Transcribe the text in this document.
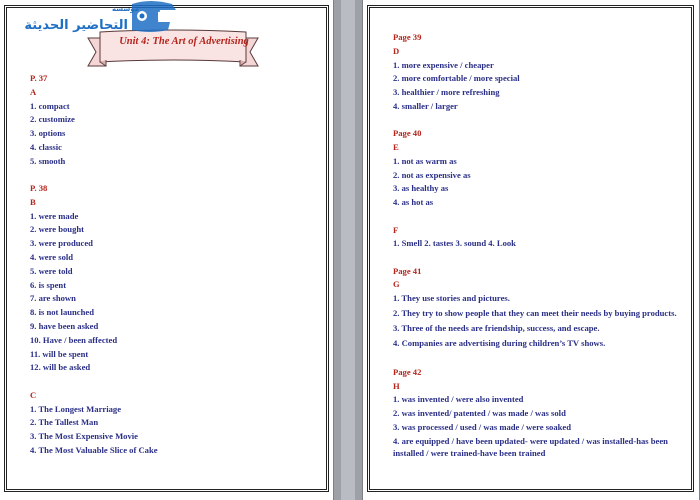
Unit 4: The Art of Advertising
مؤسسة
التحاضير الحديثة
P. 37
A
1. compact
2. customize
3. options
4. classic
5. smooth
P. 38
B
1. were made
2. were bought
3. were produced
4. were sold
5. were told
6. is spent
7. are shown
8. is not launched
9. have been asked
10. Have / been affected
11. will be spent
12. will be asked
C
1. The Longest Marriage
2. The Tallest Man
3. The Most Expensive Movie
4. The Most Valuable Slice of Cake
Page 39
D
1. more expensive / cheaper
2. more comfortable / more special
3. healthier / more refreshing
4. smaller / larger
Page 40
E
1. not as warm as
2. not as expensive as
3. as healthy as
4. as hot as
F
1. Smell 2. tastes 3. sound 4. Look
Page 41
G
1. They use stories and pictures.
2. They try to show people that they can meet their needs by buying products.
3. Three of the needs are friendship, success, and escape.
4. Companies are advertising during children’s TV shows.
Page 42
H
1. was invented / were also invented
2. was invented/ patented / was made / was sold
3. was processed / used / was made / were soaked
4. are equipped / have been updated- were updated / was installed-has been installed / were trained-have been trained
